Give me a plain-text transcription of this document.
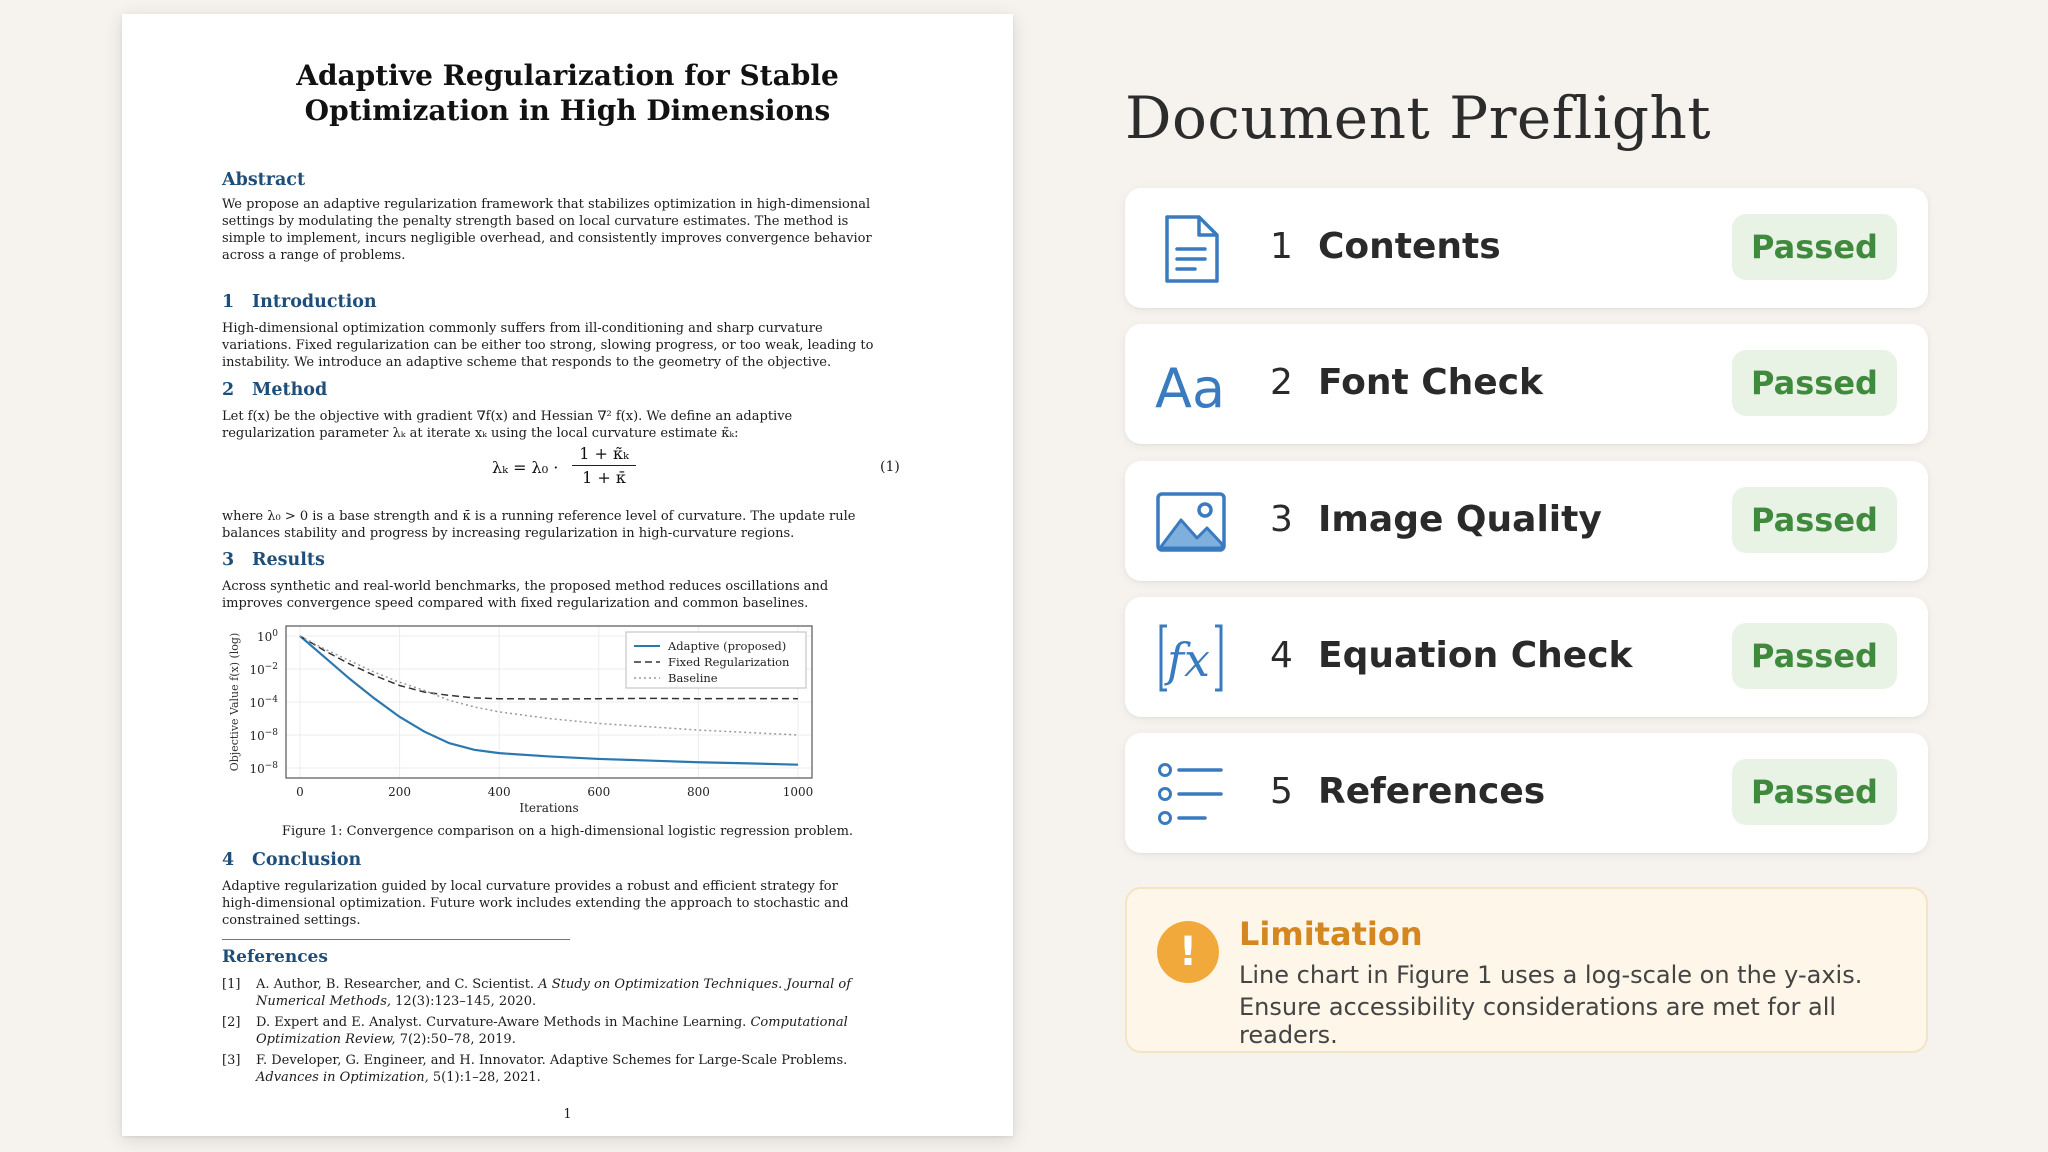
Adaptive Regularization for Stable
Optimization in High Dimensions
Abstract
We propose an adaptive regularization framework that stabilizes optimization in high-dimensional
settings by modulating the penalty strength based on local curvature estimates. The method is
simple to implement, incurs negligible overhead, and consistently improves convergence behavior
across a range of problems.
1 Introduction
High-dimensional optimization commonly suffers from ill-conditioning and sharp curvature
variations. Fixed regularization can be either too strong, slowing progress, or too weak, leading to
instability. We introduce an adaptive scheme that responds to the geometry of the objective.
2 Method
Let f(x) be the objective with gradient ∇f(x) and Hessian ∇² f(x). We define an adaptive
regularization parameter λₖ at iterate xₖ using the local curvature estimate κ̃ₖ:
$\lambda_k = \lambda_0 \cdot \frac{\text{1 + κ̃ₖ}}{1 + \kappā}$	(1)
where λ₀ > 0 is a base strength and κ̄ is a running reference level of curvature. The update rule
balances stability and progress by increasing regularization in high-curvature regions.
3 Results
Across synthetic and real-world benchmarks, the proposed method reduces oscillations and
improves convergence speed compared with fixed regularization and common baselines.
0	200	400	600	800	1000
$10^0$
$10^{-2}$
$10^{-4}$
$10^{-8}$
$10^{-8}$
Iterations
Objective Value f(x) (log)	Adaptive (proposed)
Fixed Regularization
Baseline
Figure 1: Convergence comparison on a high-dimensional logistic regression problem.
4 Conclusion
Adaptive regularization guided by local curvature provides a robust and efficient strategy for
high-dimensional optimization. Future work includes extending the approach to stochastic and
constrained settings.
References
[1] A. Author, B. Researcher, and C. Scientist. A Study on Optimization Techniques. Journal of
Numerical Methods, 12(3):123–145, 2020.
[2] D. Expert and E. Analyst. Curvature-Aware Methods in Machine Learning. Computational
Optimization Review, 7(2):50–78, 2019.
[3] F. Developer, G. Engineer, and H. Innovator. Adaptive Schemes for Large-Scale Problems.
Advances in Optimization, 5(1):1–28, 2021.
1
Document Preflight
1 Contents	Passed
Aa 2 Font Check	Passed
3 Image Quality	Passed
fx 4 Equation Check	Passed
5 References	Passed
!	Limitation
Line chart in Figure 1 uses a log-scale on the y-axis.
Ensure accessibility considerations are met for all readers.
